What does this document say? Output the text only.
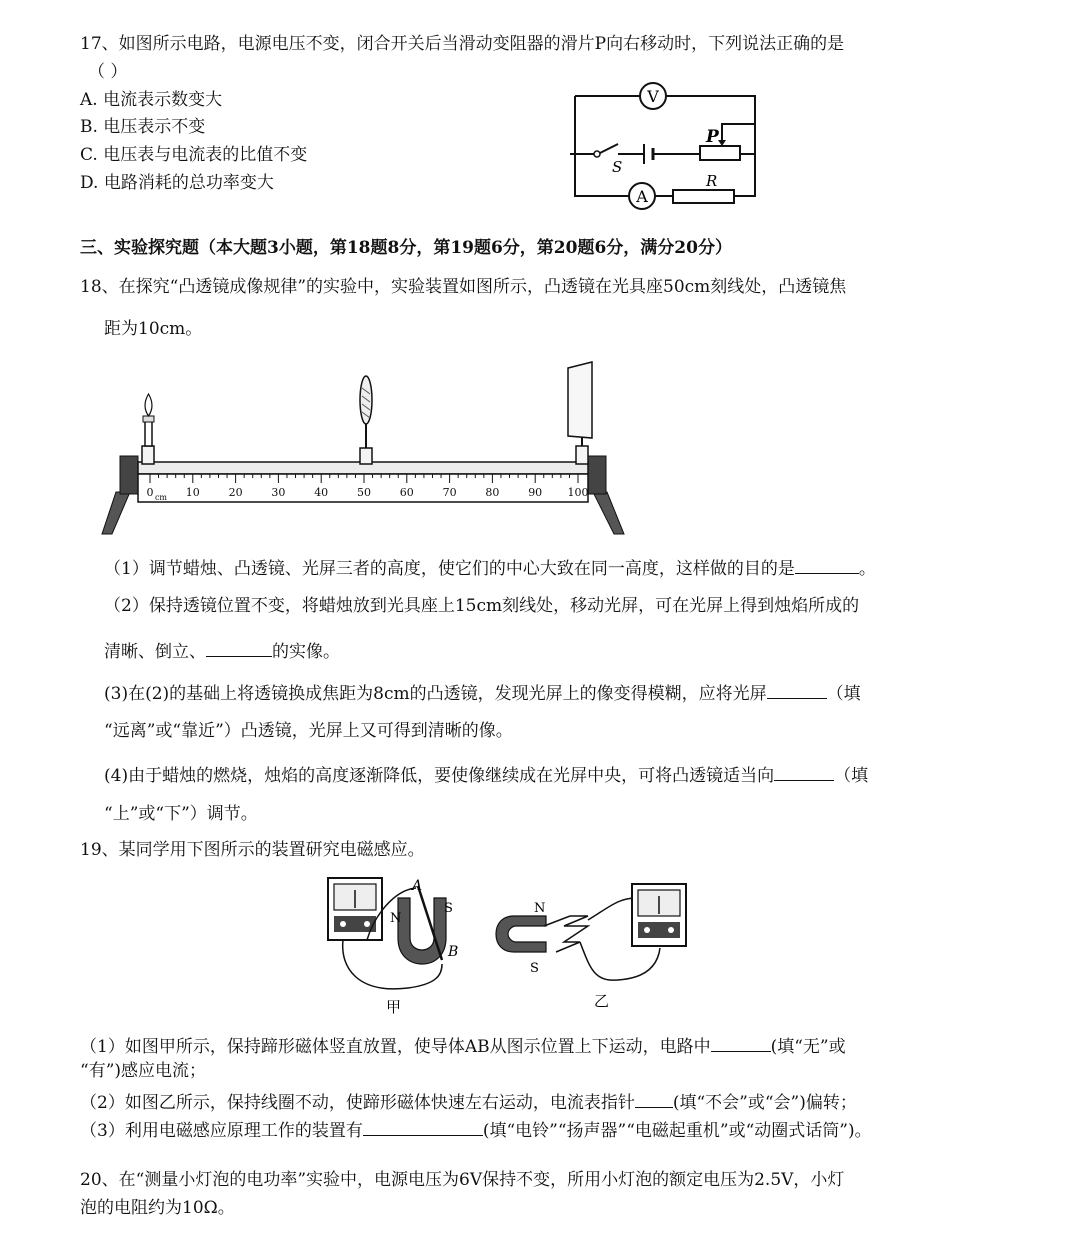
17、如图所示电路，电源电压不变，闭合开关后当滑动变阻器的滑片P向右移动时，下列说法正确的是
（ ）
A. 电流表示数变大
B. 电压表示不变
C. 电压表与电流表的比值不变
D. 电路消耗的总功率变大
V
A
S
P
R
三、实验探究题（本大题3小题，第18题8分，第19题6分，第20题6分，满分20分）
18、在探究“凸透镜成像规律”的实验中，实验装置如图所示，凸透镜在光具座50cm刻线处，凸透镜焦
距为10cm。
0	10	20	30	40	50	60	70	80	90 100
cm
（1）调节蜡烛、凸透镜、光屏三者的高度，使它们的中心大致在同一高度，这样做的目的是	。
（2）保持透镜位置不变，将蜡烛放到光具座上15cm刻线处，移动光屏，可在光屏上得到烛焰所成的
清晰、倒立、	的实像。
(3)在(2)的基础上将透镜换成焦距为8cm的凸透镜，发现光屏上的像变得模糊，应将光屏	（填
“远离”或“靠近”）凸透镜，光屏上又可得到清晰的像。
(4)由于蜡烛的燃烧，烛焰的高度逐渐降低，要使像继续成在光屏中央，可将凸透镜适当向	（填
“上”或“下”）调节。
19、某同学用下图所示的装置研究电磁感应。
A
B
N
S
甲
N
S
乙
（1）如图甲所示，保持蹄形磁体竖直放置，使导体AB从图示位置上下运动，电路中	(填“无”或
“有”)感应电流；
（2）如图乙所示，保持线圈不动，使蹄形磁体快速左右运动，电流表指针 (填“不会”或“会”)偏转；
（3）利用电磁感应原理工作的装置有	(填“电铃”“扬声器”“电磁起重机”或“动圈式话筒”)。
20、在“测量小灯泡的电功率”实验中，电源电压为6V保持不变，所用小灯泡的额定电压为2.5V，小灯
泡的电阻约为10Ω。
